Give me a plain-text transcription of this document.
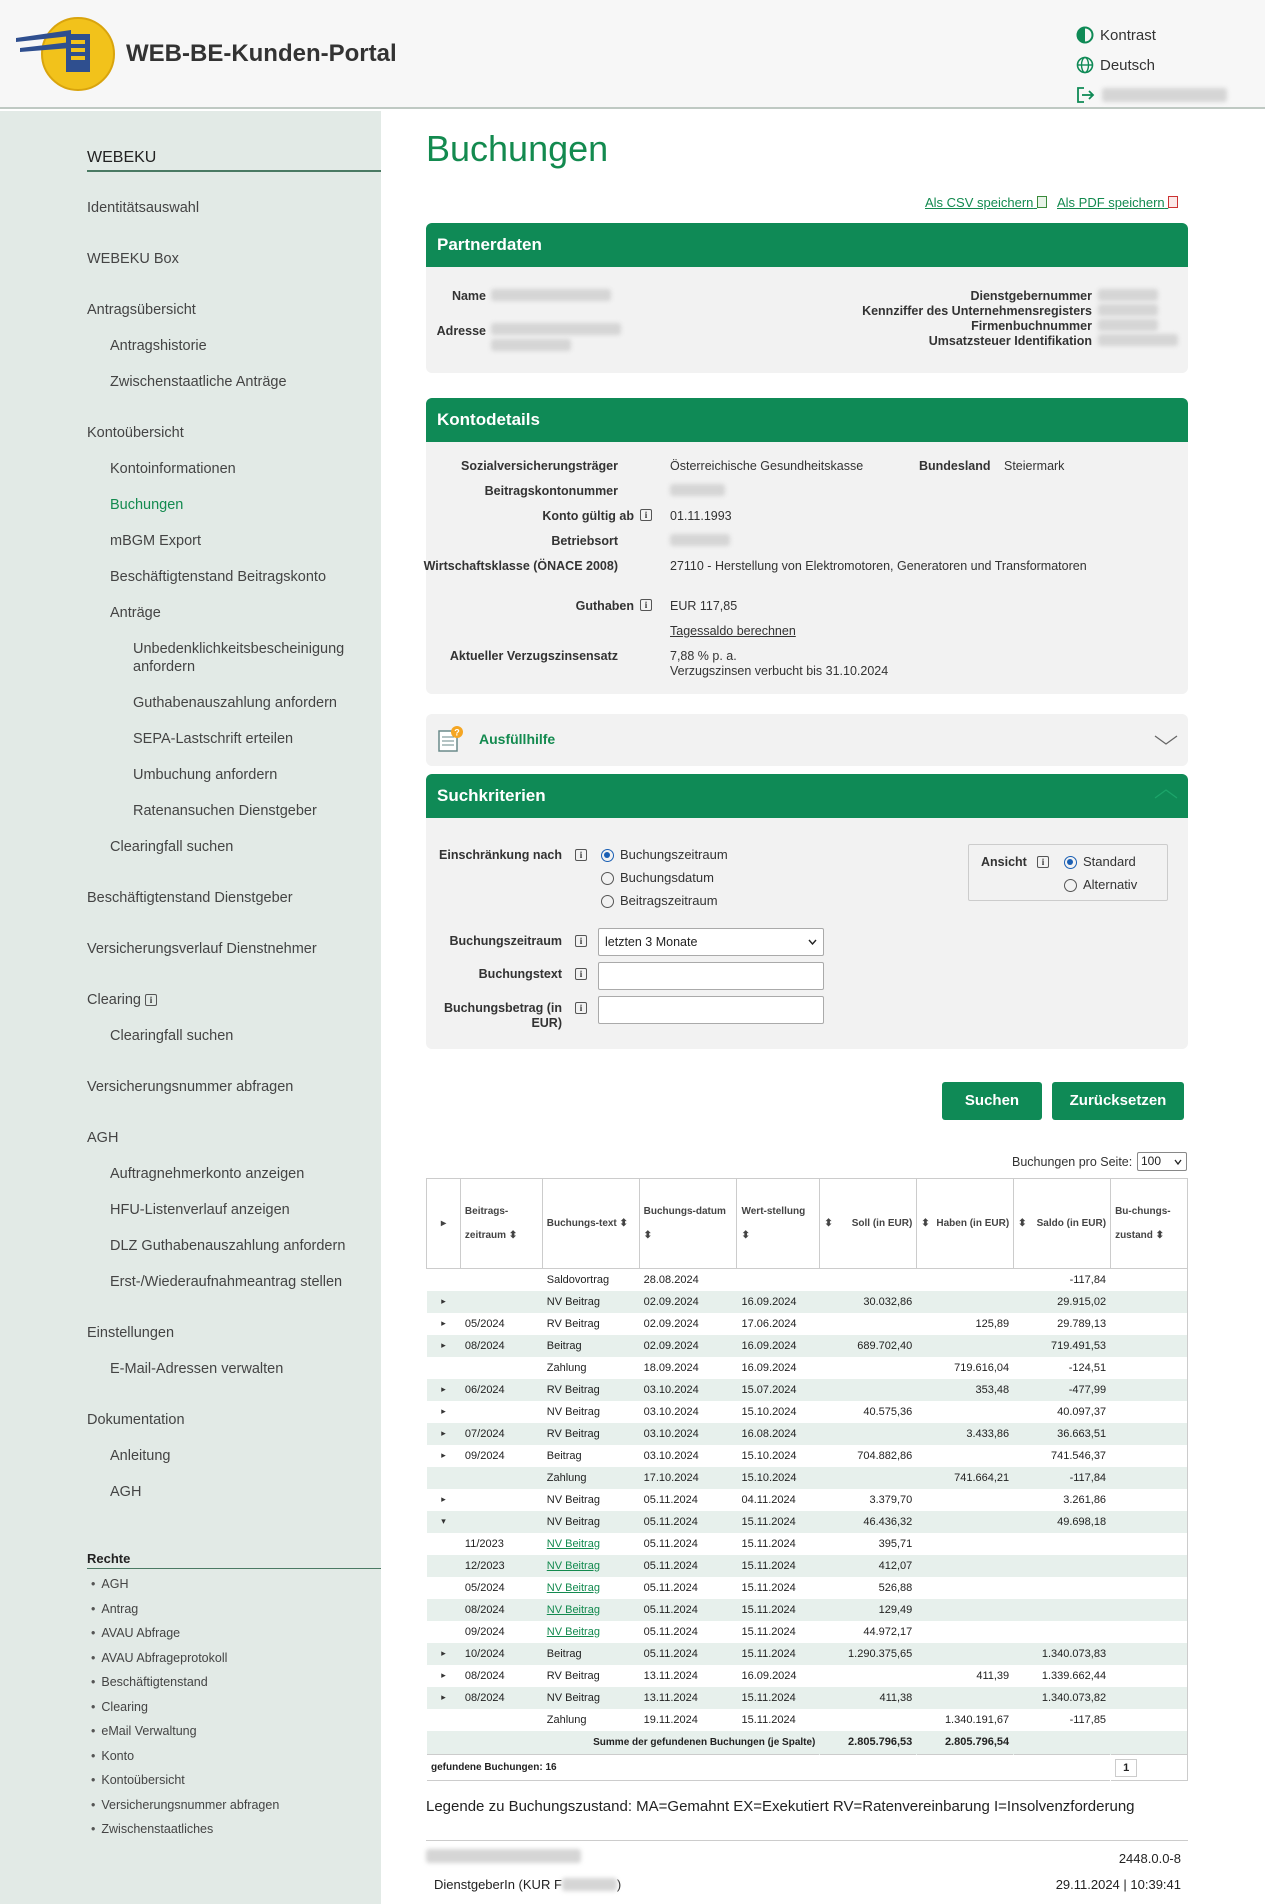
WEB-BE-Kunden-Portal
Kontrast
Deutsch
WEBEKU
Identitätsauswahl
WEBEKU Box
Antragsübersicht
Antragshistorie
Zwischenstaatliche Anträge
Kontoübersicht
Kontoinformationen
Buchungen
mBGM Export
Beschäftigtenstand Beitragskonto
Anträge
Unbedenklichkeitsbescheinigung anfordern
Guthabenauszahlung anfordern
SEPA-Lastschrift erteilen
Umbuchung anfordern
Ratenansuchen Dienstgeber
Clearingfall suchen
Beschäftigtenstand Dienstgeber
Versicherungsverlauf Dienstnehmer
Clearing i
Clearingfall suchen
Versicherungsnummer abfragen
AGH
Auftragnehmerkonto anzeigen
HFU-Listenverlauf anzeigen
DLZ Guthabenauszahlung anfordern
Erst-/Wiederaufnahmeantrag stellen
Einstellungen
E-Mail-Adressen verwalten
Dokumentation
Anleitung
AGH
Rechte
• AGH
• Antrag
• AVAU Abfrage
• AVAU Abfrageprotokoll
• Beschäftigtenstand
• Clearing
• eMail Verwaltung
• Konto
• Kontoübersicht
• Versicherungsnummer abfragen
• Zwischenstaatliches
Buchungen
Als CSV speichern	Als PDF speichern
Partnerdaten
Name
Adresse
Dienstgebernummer
Kennziffer des Unternehmensregisters
Firmenbuchnummer
Umsatzsteuer Identifikation
Kontodetails
Sozialversicherungsträger	Österreichische Gesundheitskasse	Bundesland Steiermark
Beitragskontonummer
Konto gültig ab	i	01.11.1993
Betriebsort
Wirtschaftsklasse (ÖNACE 2008)	27110 - Herstellung von Elektromotoren, Generatoren und Transformatoren
Guthaben	i	EUR 117,85
Tagessaldo berechnen
Aktueller Verzugszinsensatz	7,88 % p. a.
Verzugszinsen verbucht bis 31.10.2024
? Ausfüllhilfe
Suchkriterien
Einschränkung nach	i	Buchungszeitraum
Buchungsdatum
Beitragszeitraum
Ansicht	i	Standard
Alternativ
Buchungszeitraum	i	letzten 3 Monate
Buchungstext	i
Buchungsbetrag (in
EUR)
i
Suchen	Zurücksetzen
Buchungen pro Seite: 100
▸	Beitrags-zeitraum ⬍	Buchungs-text ⬍	Buchungs-datum ⬍	Wert-stellung ⬍	⬍ Soll (in EUR)	⬍ Haben (in EUR)	⬍ Saldo (in EUR)	Bu-chungs-zustand ⬍
		Saldovortrag	28.08.2024				-117,84	
▸		NV Beitrag	02.09.2024	16.09.2024	30.032,86		29.915,02	
▸	05/2024	RV Beitrag	02.09.2024	17.06.2024		125,89	29.789,13	
▸	08/2024	Beitrag	02.09.2024	16.09.2024	689.702,40		719.491,53	
		Zahlung	18.09.2024	16.09.2024		719.616,04	-124,51	
▸	06/2024	RV Beitrag	03.10.2024	15.07.2024		353,48	-477,99	
▸		NV Beitrag	03.10.2024	15.10.2024	40.575,36		40.097,37	
▸	07/2024	RV Beitrag	03.10.2024	16.08.2024		3.433,86	36.663,51	
▸	09/2024	Beitrag	03.10.2024	15.10.2024	704.882,86		741.546,37	
		Zahlung	17.10.2024	15.10.2024		741.664,21	-117,84	
▸		NV Beitrag	05.11.2024	04.11.2024	3.379,70		3.261,86	
▾		NV Beitrag	05.11.2024	15.11.2024	46.436,32		49.698,18	
	11/2023	NV Beitrag	05.11.2024	15.11.2024	395,71			
	12/2023	NV Beitrag	05.11.2024	15.11.2024	412,07			
	05/2024	NV Beitrag	05.11.2024	15.11.2024	526,88			
	08/2024	NV Beitrag	05.11.2024	15.11.2024	129,49			
	09/2024	NV Beitrag	05.11.2024	15.11.2024	44.972,17			
▸	10/2024	Beitrag	05.11.2024	15.11.2024	1.290.375,65		1.340.073,83	
▸	08/2024	RV Beitrag	13.11.2024	16.09.2024		411,39	1.339.662,44	
▸	08/2024	NV Beitrag	13.11.2024	15.11.2024	411,38		1.340.073,82	
		Zahlung	19.11.2024	15.11.2024		1.340.191,67	-117,85	
Summe der gefundenen Buchungen (je Spalte)					2.805.796,53	2.805.796,54		
gefundene Buchungen: 16								1
Legende zu Buchungszustand: MA=Gemahnt EX=Exekutiert RV=Ratenvereinbarung I=Insolvenzforderung
2448.0.0-8
DienstgeberIn (KUR F	)	29.11.2024 | 10:39:41
